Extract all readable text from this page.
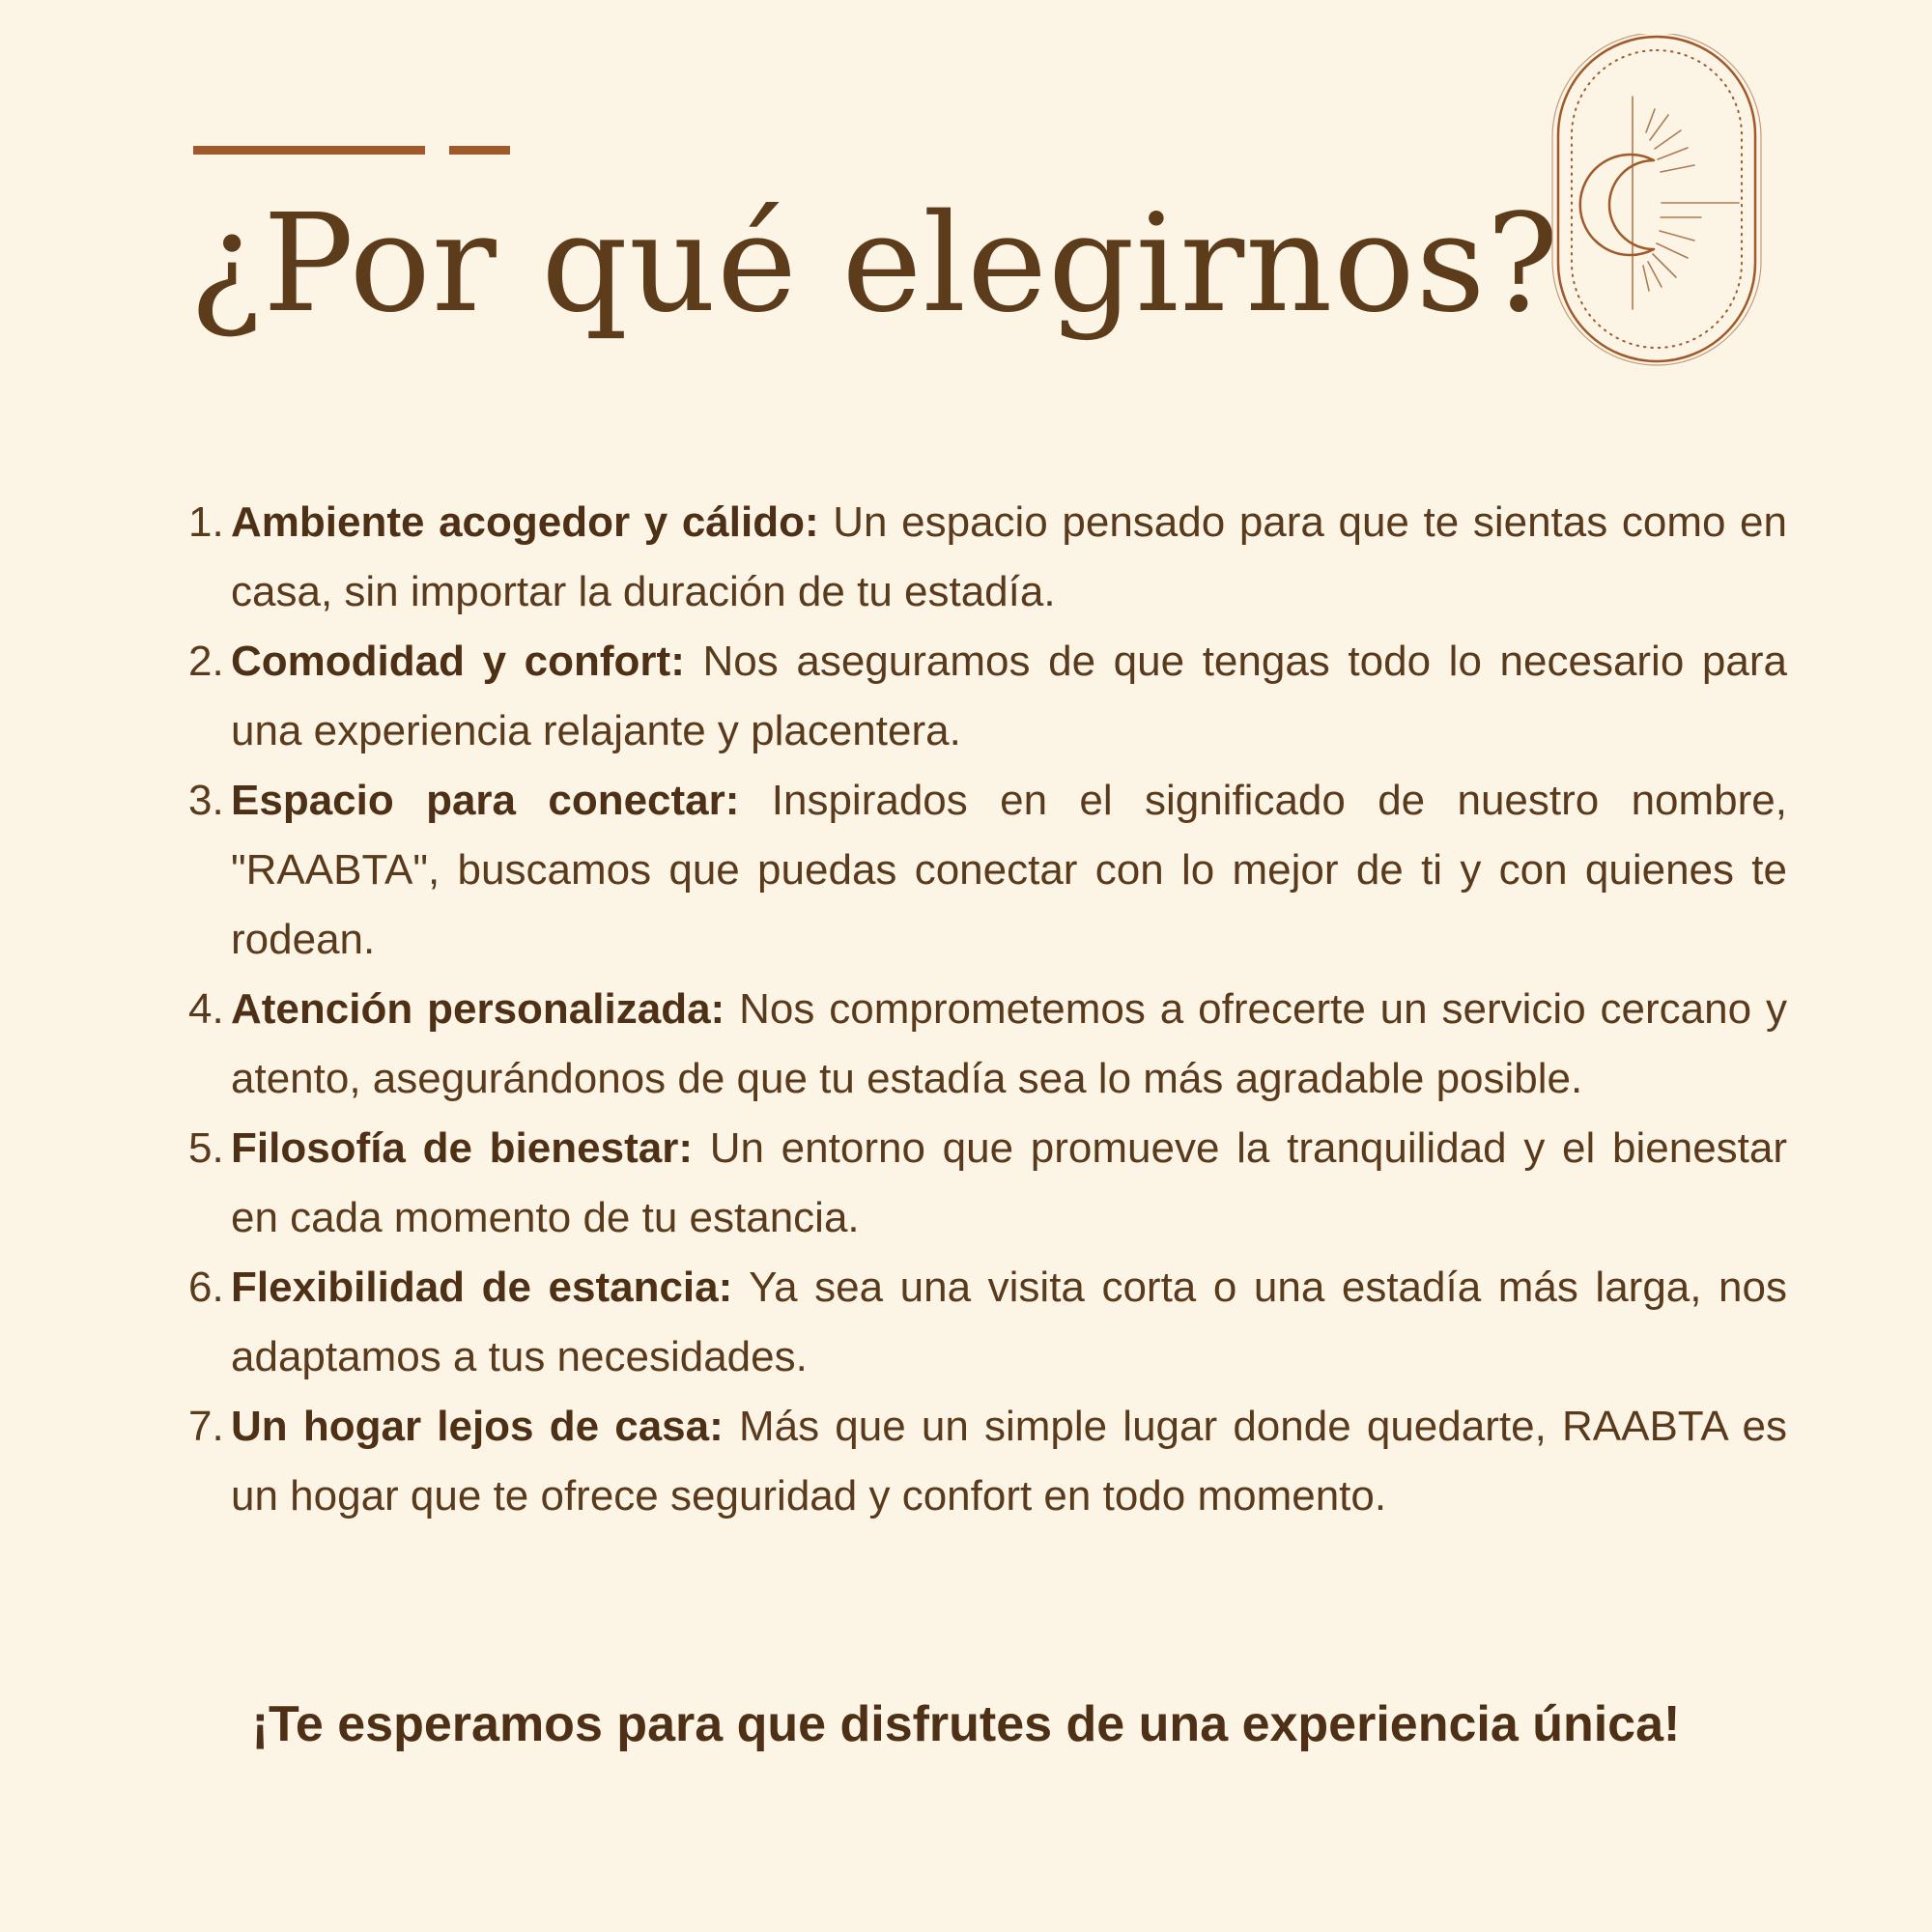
¿Por qué elegirnos?
1. Ambiente acogedor y cálido: Un espacio pensado para que te sientas como en casa, sin importar la duración de tu estadía.
2. Comodidad y confort: Nos aseguramos de que tengas todo lo necesario para una experiencia relajante y placentera.
3. Espacio para conectar: Inspirados en el significado de nuestro nombre, "RAABTA", buscamos que puedas conectar con lo mejor de ti y con quienes te rodean.
4. Atención personalizada: Nos comprometemos a ofrecerte un servicio cercano y atento, asegurándonos de que tu estadía sea lo más agradable posible.
5. Filosofía de bienestar: Un entorno que promueve la tranquilidad y el bienestar en cada momento de tu estancia.
6. Flexibilidad de estancia: Ya sea una visita corta o una estadía más larga, nos adaptamos a tus necesidades.
7. Un hogar lejos de casa: Más que un simple lugar donde quedarte, RAABTA es un hogar que te ofrece seguridad y confort en todo momento.

¡Te esperamos para que disfrutes de una experiencia única!
